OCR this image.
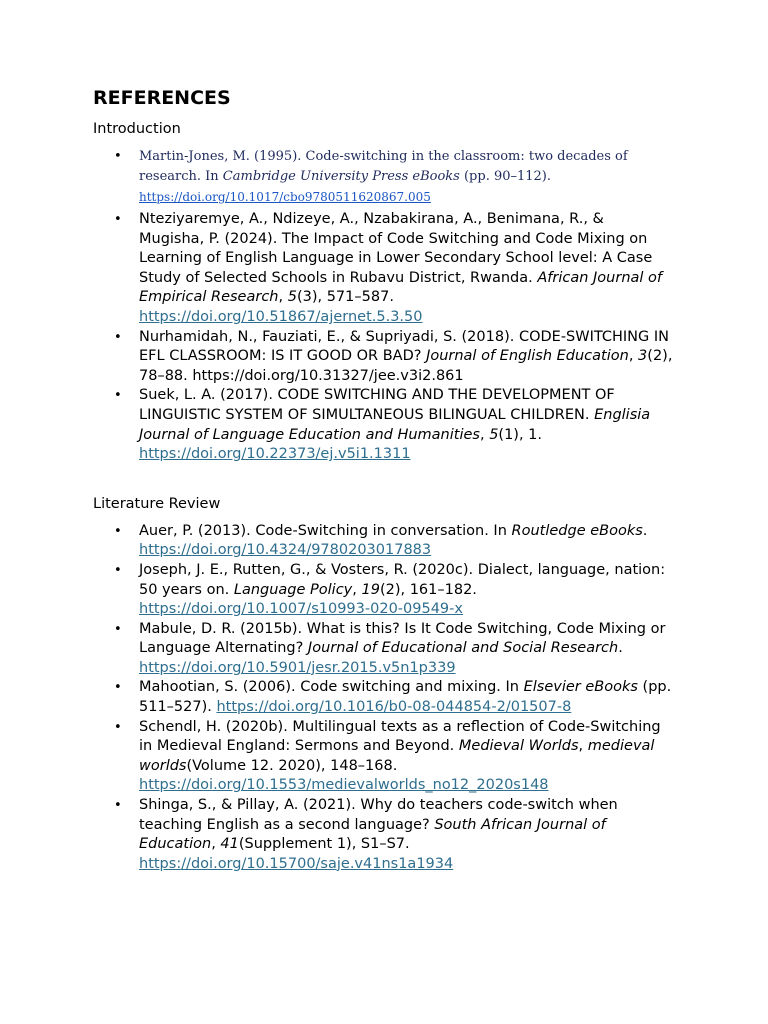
REFERENCES
Introduction
• Martin-Jones, M. (1995). Code-switching in the classroom: two decades of research. In Cambridge University Press eBooks (pp. 90–112).
https://doi.org/10.1017/cbo9780511620867.005
• Nteziyaremye, A., Ndizeye, A., Nzabakirana, A., Benimana, R., & Mugisha, P. (2024). The Impact of Code Switching and Code Mixing on Learning of English Language in Lower Secondary School level: A Case Study of Selected Schools in Rubavu District, Rwanda. African Journal of Empirical Research, 5(3), 571–587. https://doi.org/10.51867/ajernet.5.3.50
• Nurhamidah, N., Fauziati, E., & Supriyadi, S. (2018). CODE-SWITCHING IN EFL CLASSROOM: IS IT GOOD OR BAD? Journal of English Education, 3(2), 78–88. https://doi.org/10.31327/jee.v3i2.861
• Suek, L. A. (2017). CODE SWITCHING AND THE DEVELOPMENT OF LINGUISTIC SYSTEM OF SIMULTANEOUS BILINGUAL CHILDREN. Englisia Journal of Language Education and Humanities, 5(1), 1. https://doi.org/10.22373/ej.v5i1.1311
Literature Review
• Auer, P. (2013). Code-Switching in conversation. In Routledge eBooks. https://doi.org/10.4324/9780203017883
• Joseph, J. E., Rutten, G., & Vosters, R. (2020c). Dialect, language, nation: 50 years on. Language Policy, 19(2), 161–182. https://doi.org/10.1007/s10993-020-09549-x
• Mabule, D. R. (2015b). What is this? Is It Code Switching, Code Mixing or Language Alternating? Journal of Educational and Social Research. https://doi.org/10.5901/jesr.2015.v5n1p339
• Mahootian, S. (2006). Code switching and mixing. In Elsevier eBooks (pp. 511–527). https://doi.org/10.1016/b0-08-044854-2/01507-8
• Schendl, H. (2020b). Multilingual texts as a reflection of Code-Switching in Medieval England: Sermons and Beyond. Medieval Worlds, medieval worlds(Volume 12. 2020), 148–168. https://doi.org/10.1553/medievalworlds_no12_2020s148
• Shinga, S., & Pillay, A. (2021). Why do teachers code-switch when teaching English as a second language? South African Journal of Education, 41(Supplement 1), S1–S7. https://doi.org/10.15700/saje.v41ns1a1934
